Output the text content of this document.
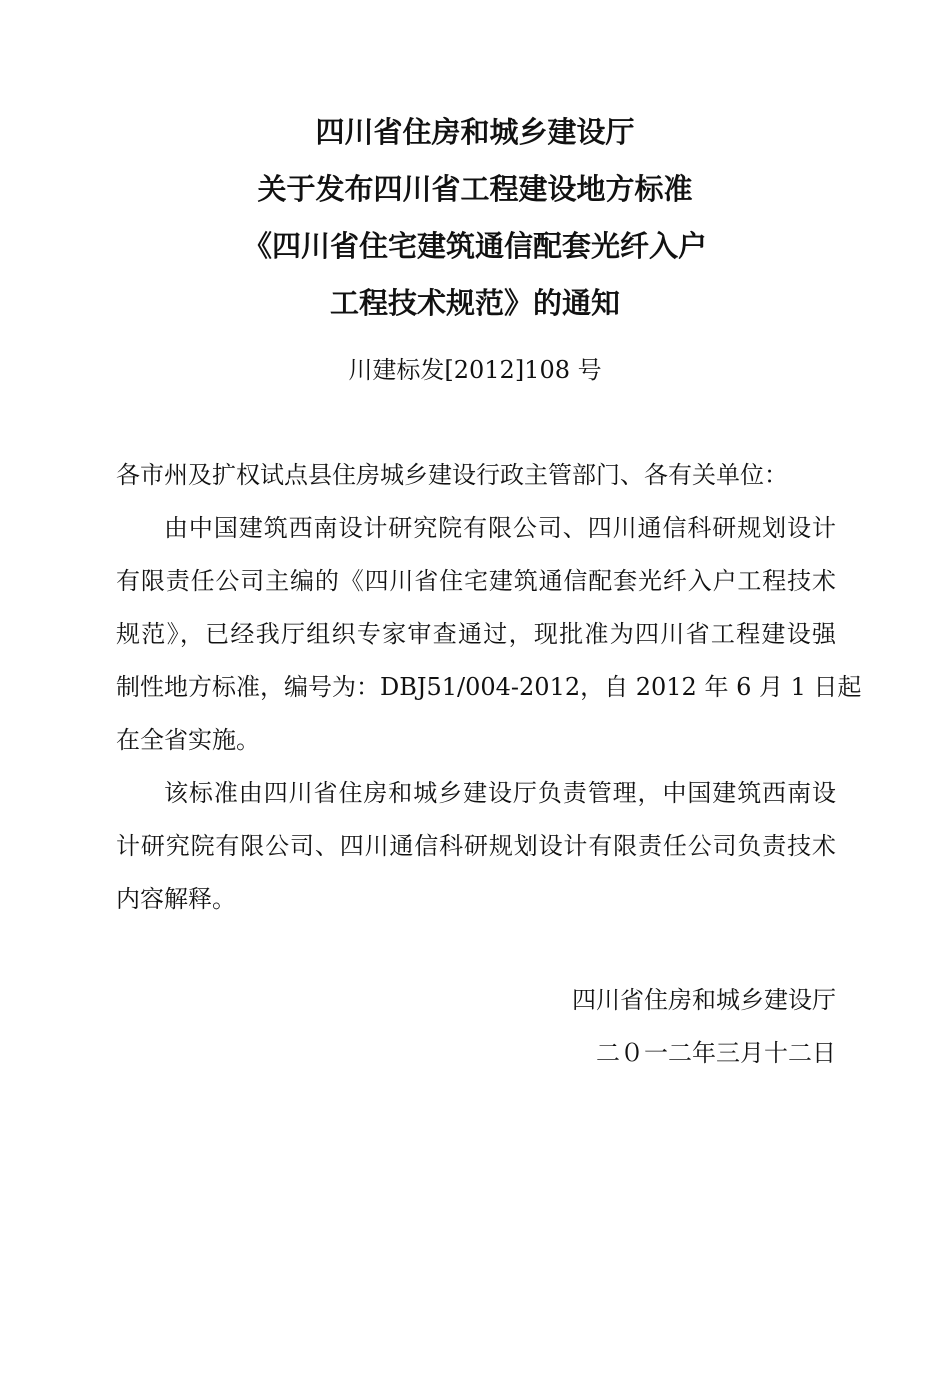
四川省住房和城乡建设厅
关于发布四川省工程建设地方标准
《四川省住宅建筑通信配套光纤入户
工程技术规范》的通知
川建标发[2012]108 号
各市州及扩权试点县住房城乡建设行政主管部门、各有关单位：
由中国建筑西南设计研究院有限公司、四川通信科研规划设计
有限责任公司主编的《四川省住宅建筑通信配套光纤入户工程技术
规范》，已经我厅组织专家审查通过，现批准为四川省工程建设强
制性地方标准，编号为：DBJ51/004-2012，自 2012 年 6 月 1 日起
在全省实施。
该标准由四川省住房和城乡建设厅负责管理，中国建筑西南设
计研究院有限公司、四川通信科研规划设计有限责任公司负责技术
内容解释。
四川省住房和城乡建设厅
二０一二年三月十二日
